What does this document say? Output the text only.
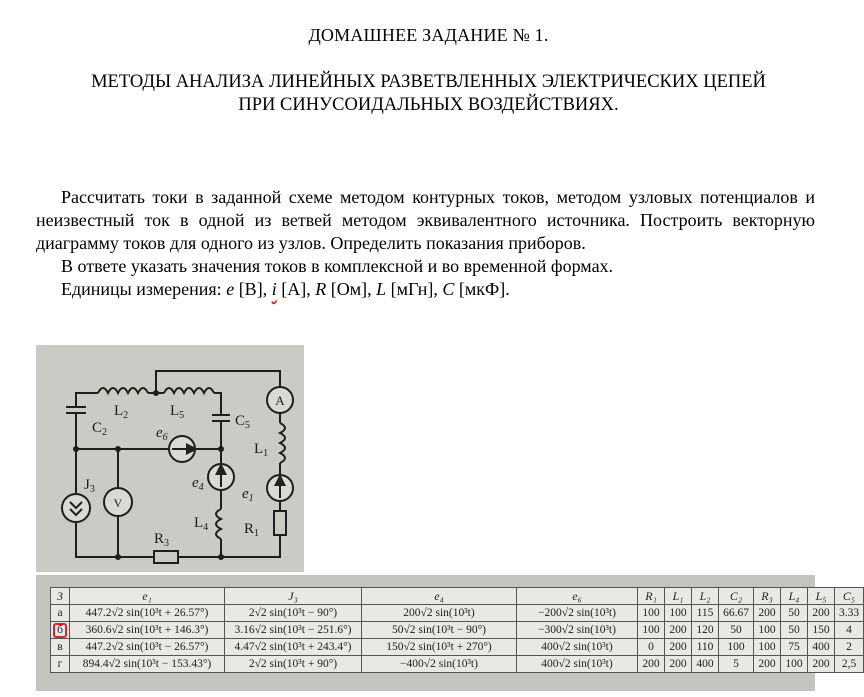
ДОМАШНЕЕ ЗАДАНИЕ № 1.
МЕТОДЫ АНАЛИЗА ЛИНЕЙНЫХ РАЗВЕТВЛЕННЫХ ЭЛЕКТРИЧЕСКИХ ЦЕПЕЙ
ПРИ СИНУСОИДАЛЬНЫХ ВОЗДЕЙСТВИЯХ.

Рассчитать токи в заданной схеме методом контурных токов, методом узловых потенциалов и неизвестный ток в одной из ветвей методом эквивалентного источника. Построить векторную диаграмму токов для одного из узлов. Определить показания приборов.

В ответе указать значения токов в комплексной и во временной формах.

Единицы измерения: e [В], i [А], R [Ом], L [мГн], C [мкФ].

A
V
$L_2$	$L_5$
$C_2$
$C_5$
$e_6$
$L_1$
$e_4$	$e_1$
$J_3$
$L_4$ $R_1$
$R_3$
3	e₁	J₃	e₄	e₆	R₁	L₁	L₂	C₂	R₃	L₄	L₅	C₅
а	447.2√2 sin(10³t + 26.57°)	2√2 sin(10³t − 90°)	200√2 sin(10³t)	−200√2 sin(10³t)	100	100	115	66.67	200	50	200	3.33
б	360.6√2 sin(10³t + 146.3°)	3.16√2 sin(10³t − 251.6°)	50√2 sin(10³t − 90°)	−300√2 sin(10³t)	100	200	120	50	100	50	150	4
в	447.2√2 sin(10³t − 26.57°)	4.47√2 sin(10³t + 243.4°)	150√2 sin(10³t + 270°)	400√2 sin(10³t)	0	200	110	100	100	75	400	2
г	894.4√2 sin(10³t − 153.43°)	2√2 sin(10³t + 90°)	−400√2 sin(10³t)	400√2 sin(10³t)	200	200	400	5	200	100	200	2,5
